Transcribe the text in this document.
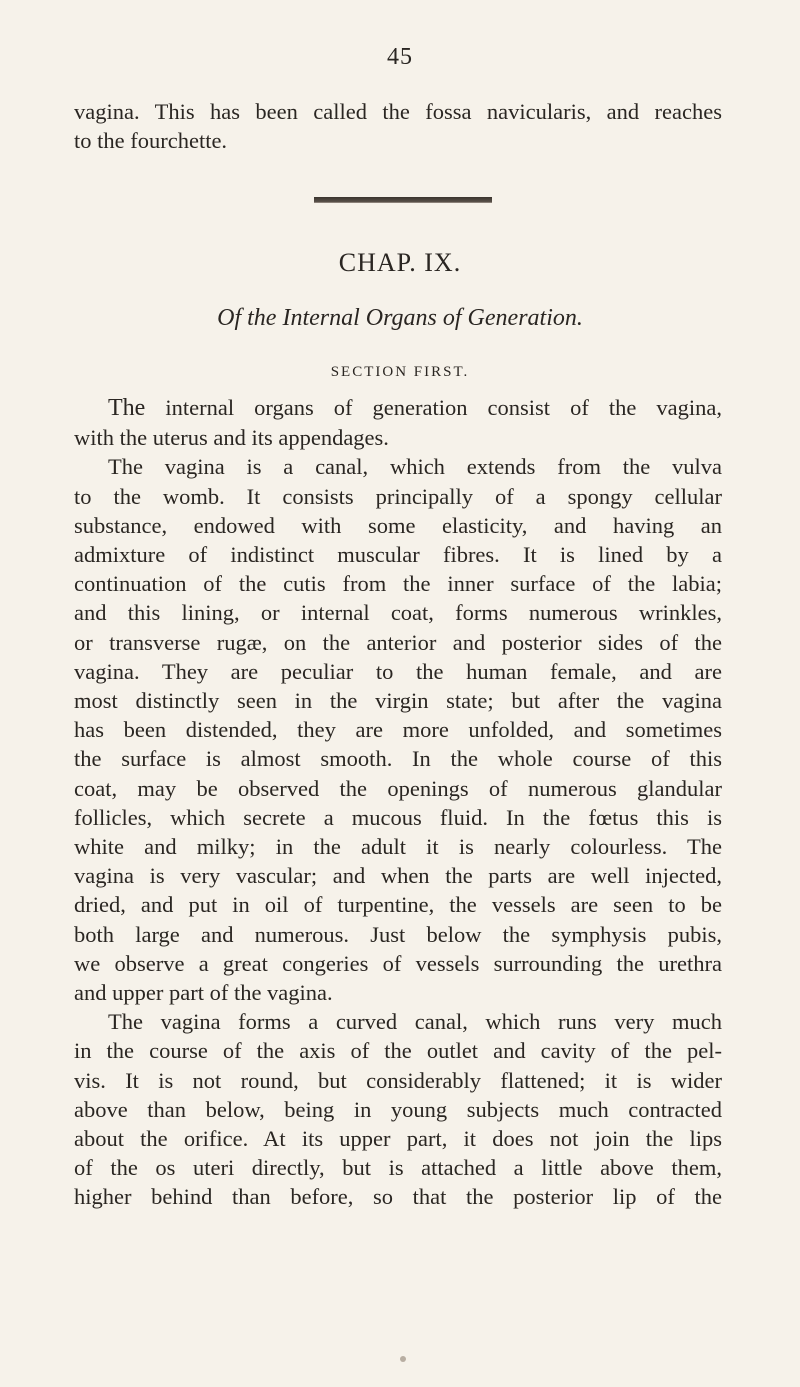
45
vagina. This has been called the fossa navicularis, and reaches
to the fourchette.
CHAP. IX.
Of the Internal Organs of Generation.
SECTION FIRST.
The internal organs of generation consist of the vagina,
with the uterus and its appendages.
The vagina is a canal, which extends from the vulva
to the womb. It consists principally of a spongy cellular
substance, endowed with some elasticity, and having an
admixture of indistinct muscular fibres. It is lined by a
continuation of the cutis from the inner surface of the labia;
and this lining, or internal coat, forms numerous wrinkles,
or transverse rugæ, on the anterior and posterior sides of the
vagina. They are peculiar to the human female, and are
most distinctly seen in the virgin state; but after the vagina
has been distended, they are more unfolded, and sometimes
the surface is almost smooth. In the whole course of this
coat, may be observed the openings of numerous glandular
follicles, which secrete a mucous fluid. In the fœtus this is
white and milky; in the adult it is nearly colourless. The
vagina is very vascular; and when the parts are well injected,
dried, and put in oil of turpentine, the vessels are seen to be
both large and numerous. Just below the symphysis pubis,
we observe a great congeries of vessels surrounding the urethra
and upper part of the vagina.
The vagina forms a curved canal, which runs very much
in the course of the axis of the outlet and cavity of the pel-
vis. It is not round, but considerably flattened; it is wider
above than below, being in young subjects much contracted
about the orifice. At its upper part, it does not join the lips
of the os uteri directly, but is attached a little above them,
higher behind than before, so that the posterior lip of the
